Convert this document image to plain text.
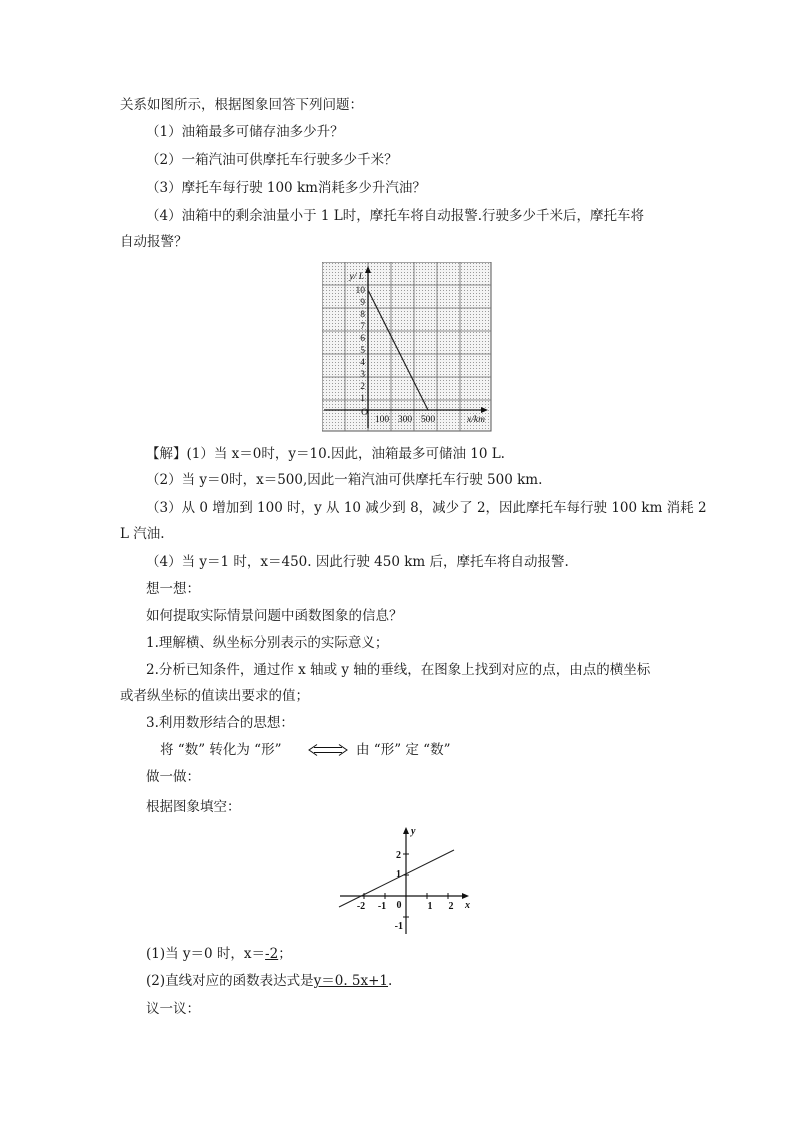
关系如图所示，根据图象回答下列问题：
（1）油箱最多可储存油多少升？
（2）一箱汽油可供摩托车行驶多少千米？
（3）摩托车每行驶 100 km消耗多少升汽油？
（4）油箱中的剩余油量小于 1 L时，摩托车将自动报警.行驶多少千米后，摩托车将
自动报警？
y/ L
10
9
8
7
6
5
4
3
2
1
O
100 300 500	x/km
【解】(1）当 x＝0时，y＝10.因此，油箱最多可储油 10 L.
（2）当 y＝0时，x＝500,因此一箱汽油可供摩托车行驶 500 km.
（3）从 0 增加到 100 时，y 从 10 减少到 8，减少了 2，因此摩托车每行驶 100 km 消耗 2
L 汽油.
（4）当 y＝1 时，x＝450. 因此行驶 450 km 后，摩托车将自动报警.
想一想：
如何提取实际情景问题中函数图象的信息？
1.理解横、纵坐标分别表示的实际意义；
2.分析已知条件，通过作 x 轴或 y 轴的垂线，在图象上找到对应的点，由点的横坐标
或者纵坐标的值读出要求的值；
3.利用数形结合的思想：
将 “数” 转化为 “形”	由 “形” 定 “数”
做一做：
根据图象填空：
y
x
0
-2 -1	1 2
2
1
-1
(1)当 y＝0 时，x＝-2；
(2)直线对应的函数表达式是y＝0. 5x+1.
议一议：
